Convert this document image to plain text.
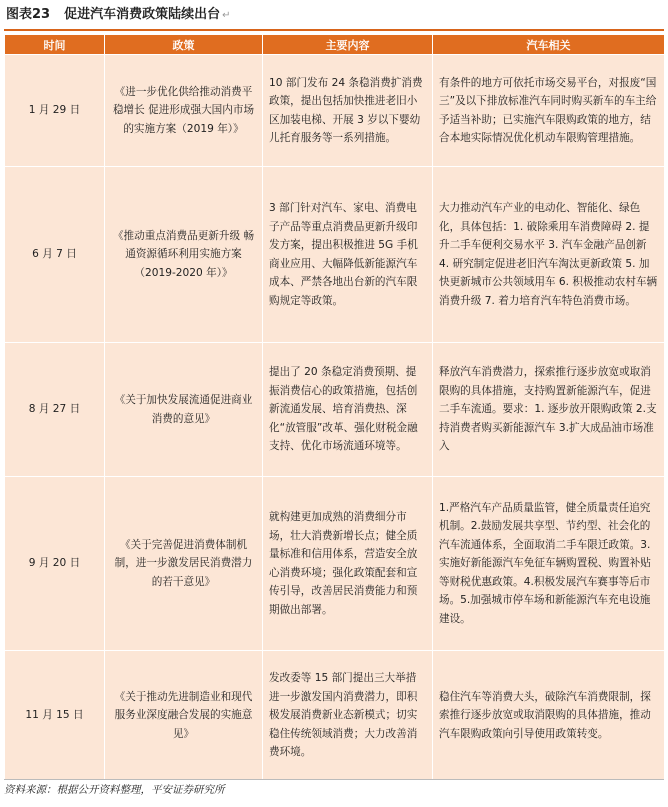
图表23 促进汽车消费政策陆续出台 ↵
时间	政策	主要内容	汽车相关
1 月 29 日	《进一步优化供给推动消费平稳增长 促进形成强大国内市场的实施方案（2019 年）》	10 部门发布 24 条稳消费扩消费政策，提出包括加快推进老旧小区加装电梯、开展 3 岁以下婴幼儿托育服务等一系列措施。	有条件的地方可依托市场交易平台，对报废“国三”及以下排放标准汽车同时购买新车的车主给予适当补助；已实施汽车限购政策的地方，结合本地实际情况优化机动车限购管理措施。
6 月 7 日	《推动重点消费品更新升级 畅通资源循环利用实施方案（2019-2020 年）》	3 部门针对汽车、家电、消费电子产品等重点消费品更新升级印发方案，提出积极推进 5G 手机商业应用、大幅降低新能源汽车成本、严禁各地出台新的汽车限购规定等政策。	大力推动汽车产业的电动化、智能化、绿色化，具体包括：1. 破除乘用车消费障碍 2. 提升二手车便利交易水平 3. 汽车金融产品创新 4. 研究制定促进老旧汽车淘汰更新政策 5. 加快更新城市公共领域用车 6. 积极推动农村车辆消费升级 7. 着力培育汽车特色消费市场。
8 月 27 日	《关于加快发展流通促进商业消费的意见》	提出了 20 条稳定消费预期、提振消费信心的政策措施，包括创新流通发展、培育消费热、深化“放管服”改革、强化财税金融支持、优化市场流通环境等。	释放汽车消费潜力，探索推行逐步放宽或取消限购的具体措施，支持购置新能源汽车，促进二手车流通。要求：1. 逐步放开限购政策 2.支持消费者购买新能源汽车 3.扩大成品油市场准入
9 月 20 日	《关于完善促进消费体制机制，进一步激发居民消费潜力的若干意见》	就构建更加成熟的消费细分市场，壮大消费新增长点；健全质量标准和信用体系，营造安全放心消费环境；强化政策配套和宣传引导，改善居民消费能力和预期做出部署。	1.严格汽车产品质量监管，健全质量责任追究机制。2.鼓励发展共享型、节约型、社会化的汽车流通体系，全面取消二手车限迁政策。3.实施好新能源汽车免征车辆购置税、购置补贴等财税优惠政策。4.积极发展汽车赛事等后市场。5.加强城市停车场和新能源汽车充电设施建设。
11 月 15 日	《关于推动先进制造业和现代服务业深度融合发展的实施意见》	发改委等 15 部门提出三大举措进一步激发国内消费潜力，即积极发展消费新业态新模式；切实稳住传统领域消费；大力改善消费环境。	稳住汽车等消费大头，破除汽车消费限制，探索推行逐步放宽或取消限购的具体措施，推动汽车限购政策向引导使用政策转变。
资料来源：根据公开资料整理，平安证券研究所
